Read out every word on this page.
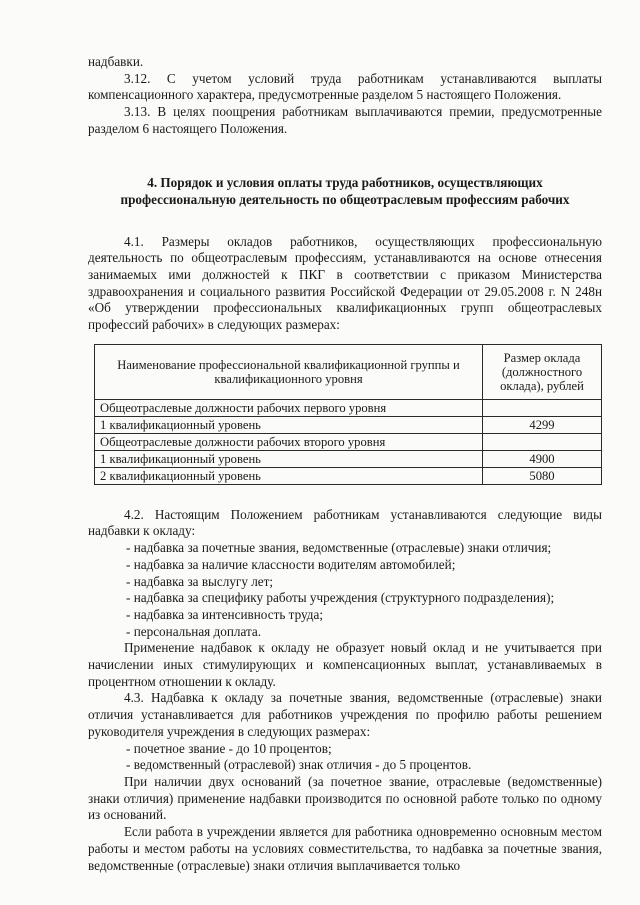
надбавки.

3.12. С учетом условий труда работникам устанавливаются выплаты компенсационного характера, предусмотренные разделом 5 настоящего Положения.

3.13. В целях поощрения работникам выплачиваются премии, предусмотренные разделом 6 настоящего Положения.

4. Порядок и условия оплаты труда работников, осуществляющих профессиональную деятельность по общеотраслевым профессиям рабочих

4.1. Размеры окладов работников, осуществляющих профессиональную деятельность по общеотраслевым профессиям, устанавливаются на основе отнесения занимаемых ими должностей к ПКГ в соответствии с приказом Министерства здравоохранения и социального развития Российской Федерации от 29.05.2008 г. N 248н «Об утверждении профессиональных квалификационных групп общеотраслевых профессий рабочих» в следующих размерах:

Наименование профессиональной квалификационной группы и квалификационного уровня	Размер оклада (должностного оклада), рублей
Общеотраслевые должности рабочих первого уровня	
1 квалификационный уровень	4299
Общеотраслевые должности рабочих второго уровня	
1 квалификационный уровень	4900
2 квалификационный уровень	5080

4.2. Настоящим Положением работникам устанавливаются следующие виды надбавки к окладу:

- надбавка за почетные звания, ведомственные (отраслевые) знаки отличия;

- надбавка за наличие классности водителям автомобилей;

- надбавка за выслугу лет;

- надбавка за специфику работы учреждения (структурного подразделения);

- надбавка за интенсивность труда;

- персональная доплата.

Применение надбавок к окладу не образует новый оклад и не учитывается при начислении иных стимулирующих и компенсационных выплат, устанавливаемых в процентном отношении к окладу.

4.3. Надбавка к окладу за почетные звания, ведомственные (отраслевые) знаки отличия устанавливается для работников учреждения по профилю работы решением руководителя учреждения в следующих размерах:

- почетное звание - до 10 процентов;

- ведомственный (отраслевой) знак отличия - до 5 процентов.

При наличии двух оснований (за почетное звание, отраслевые (ведомственные) знаки отличия) применение надбавки производится по основной работе только по одному из оснований.

Если работа в учреждении является для работника одновременно основным местом работы и местом работы на условиях совместительства, то надбавка за почетные звания, ведомственные (отраслевые) знаки отличия выплачивается только
